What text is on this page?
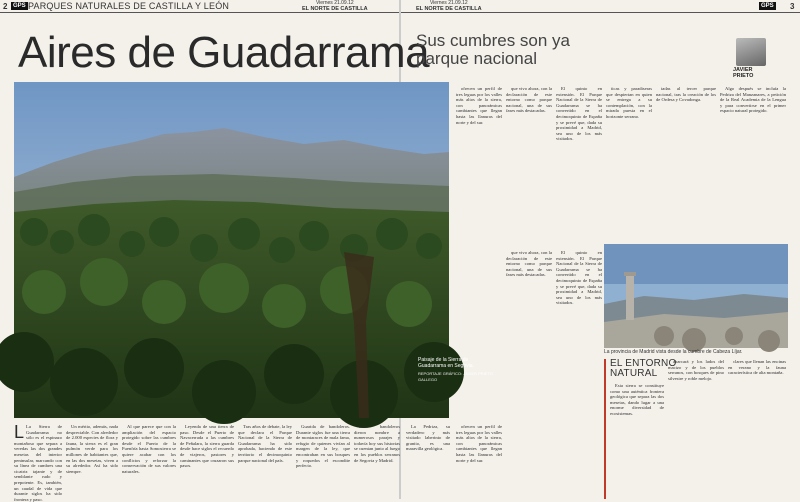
2 GPS PARQUES NATURALES DE CASTILLA Y LEÓN	Viernes 21.09.12
EL NORTE DE CASTILLA
Viernes 21.09.12
EL NORTE DE CASTILLA	GPS 3
Aires de Guadarrama
Sus cumbres son ya parque nacional
JAVIER
PRIETO
Paisaje de la Sierra de Guadarrama en Segovia.
REPORTAJE GRÁFICO: JAVIER PRIETO GALLEGO

ofrecen un perfil de tres leguas por los valles más altos de la sierra, con panorámicas cambiantes que llegan hasta las llanuras del norte y del sur.

que vivo ahora, con la declaración de este entorno como parque nacional, una de sus fases más destacadas.

El quinto en extensión. El Parque Nacional de la Sierra de Guadarrama se ha convertido en el decimoquinto de España y se prevé que, dada su proximidad a Madrid, sea uno de los más visitados.

ticas y paradiseras que despiertan en quien se entrega a su contemplación, con la mirada puesta en el horizonte serrano.

tadas al tercer parque nacional, tras la creación de los de Ordesa y Covadonga.

Algo después se incluía la Pedriza del Manzanares, a petición de la Real Academia de la Lengua y para convertirse en el primer espacio natural protegido.

La provincia de Madrid vista desde la cumbre de Cabeza Líjar.
EL ENTORNO
NATURAL

Esta sierra se constituye como una auténtica frontera geológica que separa las dos mesetas, dando lugar a una enorme diversidad de ecosistemas.

abarcará y los lados del macizo y de los pueblos serranos, con bosques de pino silvestre y roble melojo.

clares que llenan las encinas en verano y la fauna característica de alta montaña.

L La Sierra de Guadarrama no sólo es el espinazo montañoso que separa a veredas las dos grandes mesetas del interior peninsular, marcando con su línea de cumbres una cicatriz tajante y de semblante rudo y prepotente. Es, también, un caudal de vida que durante siglos ha sido frontera y paso.

Un mérito, además, nada despreciable. Con alrededor de 2.000 especies de flora y fauna, la sierra es el gran pulmón verde para los millones de habitantes que, en las dos mesetas, viven a su alrededor. Así ha sido siempre.

Al que parece que con la ampliación del espacio protegido sobre las cumbres desde el Puerto de la Fuenfría hasta Somosierra se quiere acabar con los conflictos y reforzar la conservación de sus valores naturales.

Leyenda de una tierra de paso. Desde el Puerto de Navacerrada a las cumbres de Peñalara, la sierra guarda desde hace siglos el recuerdo de viajeros, pastores y caminantes que cruzaron sus pasos.

Tras años de debate, la ley que declara el Parque Nacional de la Sierra de Guadarrama ha sido aprobada, haciendo de este territorio el decimoquinto parque nacional del país.

Guarida de bandoleros. Durante siglos fue una tierra de montaraces de mala fama, refugio de quienes vivían al margen de la ley, que encontraban en sus bosques y roquedos el escondite perfecto.

Los bandoleros dieron nombre a numerosos parajes y todavía hoy sus historias se cuentan junto al fuego en los pueblos serranos de Segovia y Madrid.

La Pedriza, su verdadero y más visitado laberinto de granito, es una maravilla geológica.

ofrecen un perfil de tres leguas por los valles más altos de la sierra, con panorámicas cambiantes que llegan hasta las llanuras del norte y del sur.

que vivo ahora, con la declaración de este entorno como parque nacional, una de sus fases más destacadas.

El quinto en extensión. El Parque Nacional de la Sierra de Guadarrama se ha convertido en el decimoquinto de España y se prevé que, dada su proximidad a Madrid, sea uno de los más visitados.
